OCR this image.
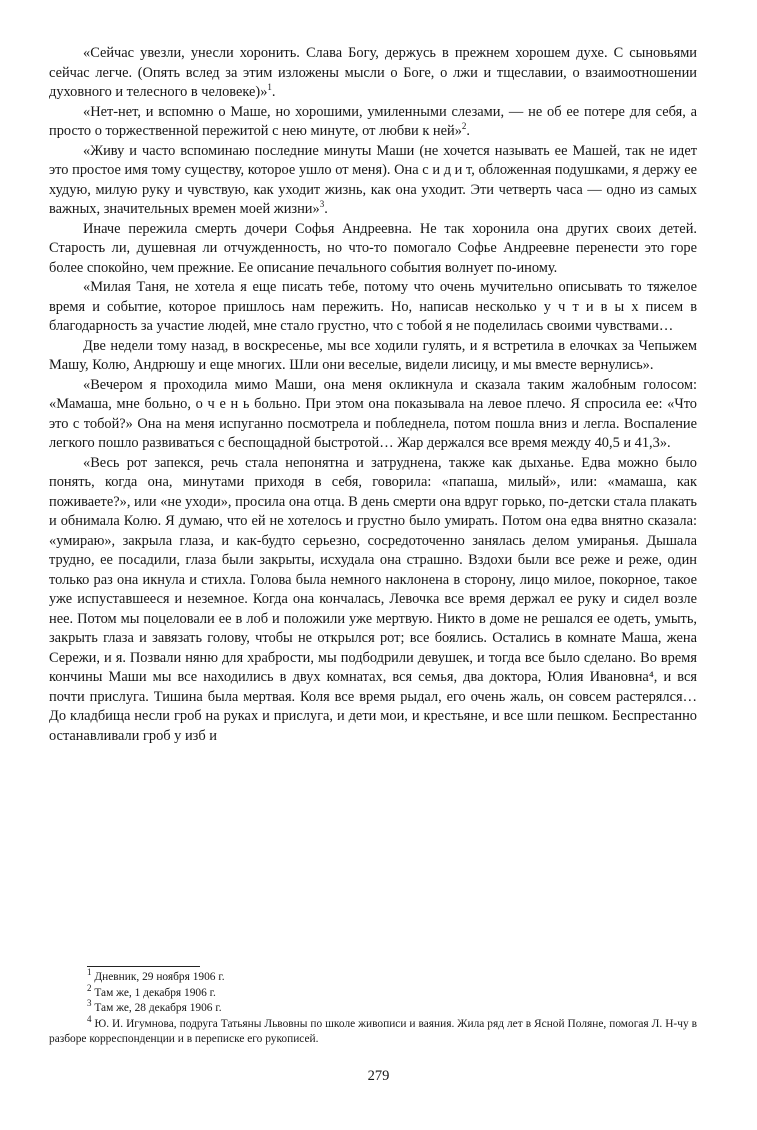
«Сейчас увезли, унесли хоронить. Слава Богу, держусь в прежнем хорошем духе. С сыновьями сейчас легче. (Опять вслед за этим изложены мысли о Боге, о лжи и тщеславии, о взаимоотношении духовного и телесного в человеке)»$^1$.

«Нет-нет, и вспомню о Маше, но хорошими, умиленными слезами, — не об ее потере для себя, а просто о торжественной пережитой с нею минуте, от любви к ней»$^2$.

«Живу и часто вспоминаю последние минуты Маши (не хочется называть ее Машей, так не идет это простое имя тому существу, которое ушло от меня). Она с и д и т, обложенная подушками, я держу ее худую, милую руку и чувствую, как уходит жизнь, как она уходит. Эти четверть часа — одно из самых важных, значительных времен моей жизни»$^3$.

Иначе пережила смерть дочери Софья Андреевна. Не так хоронила она других своих детей. Старость ли, душевная ли отчужденность, но что-то помогало Софье Андреевне перенести это горе более спокойно, чем прежние. Ее описание печального события волнует по-иному.

«Милая Таня, не хотела я еще писать тебе, потому что очень мучительно описывать то тяжелое время и событие, которое пришлось нам пережить. Но, написав несколько у ч т и в ы х писем в благодарность за участие людей, мне стало грустно, что с тобой я не поделилась своими чувствами…

Две недели тому назад, в воскресенье, мы все ходили гулять, и я встретила в елочках за Чепыжем Машу, Колю, Андрюшу и еще многих. Шли они веселые, видели лисицу, и мы вместе вернулись».

«Вечером я проходила мимо Маши, она меня окликнула и сказала таким жалобным голосом: «Мамаша, мне больно, о ч е н ь больно. При этом она показывала на левое плечо. Я спросила ее: «Что это с тобой?» Она на меня испуганно посмотрела и побледнела, потом пошла вниз и легла. Воспаление легкого пошло развиваться с беспощадной быстротой… Жар держался все время между 40,5 и 41,3».

«Весь рот запекся, речь стала непонятна и затруднена, также как дыханье. Едва можно было понять, когда она, минутами приходя в себя, говорила: «папаша, милый», или: «мамаша, как поживаете?», или «не уходи», просила она отца. В день смерти она вдруг горько, по-детски стала плакать и обнимала Колю. Я думаю, что ей не хотелось и грустно было умирать. Потом она едва внятно сказала: «умираю», закрыла глаза, и как-будто серьезно, сосредоточенно занялась делом умиранья. Дышала трудно, ее посадили, глаза были закрыты, исхудала она страшно. Вздохи были все реже и реже, один только раз она икнула и стихла. Голова была немного наклонена в сторону, лицо милое, покорное, такое уже испуставшееся и неземное. Когда она кончалась, Левочка все время держал ее руку и сидел возле нее. Потом мы поцеловали ее в лоб и положили уже мертвую. Никто в доме не решался ее одеть, умыть, закрыть глаза и завязать голову, чтобы не открылся рот; все боялись. Остались в комнате Маша, жена Сережи, и я. Позвали няню для храбрости, мы подбодрили девушек, и тогда все было сделано. Во время кончины Маши мы все находились в двух комнатах, вся семья, два доктора, Юлия Ивановна⁴, и вся почти прислуга. Тишина была мертвая. Коля все время рыдал, его очень жаль, он совсем растерялся… До кладбища несли гроб на руках и прислуга, и дети мои, и крестьяне, и все шли пешком. Беспрестанно останавливали гроб у изб и

$^1$ Дневник, 29 ноября 1906 г.

$^2$ Там же, 1 декабря 1906 г.

$^3$ Там же, 28 декабря 1906 г.

$^4$ Ю. И. Игумнова, подруга Татьяны Львовны по школе живописи и ваяния. Жила ряд лет в Ясной Поляне, помогая Л. Н-чу в разборе корреспонденции и в переписке его рукописей.

279
